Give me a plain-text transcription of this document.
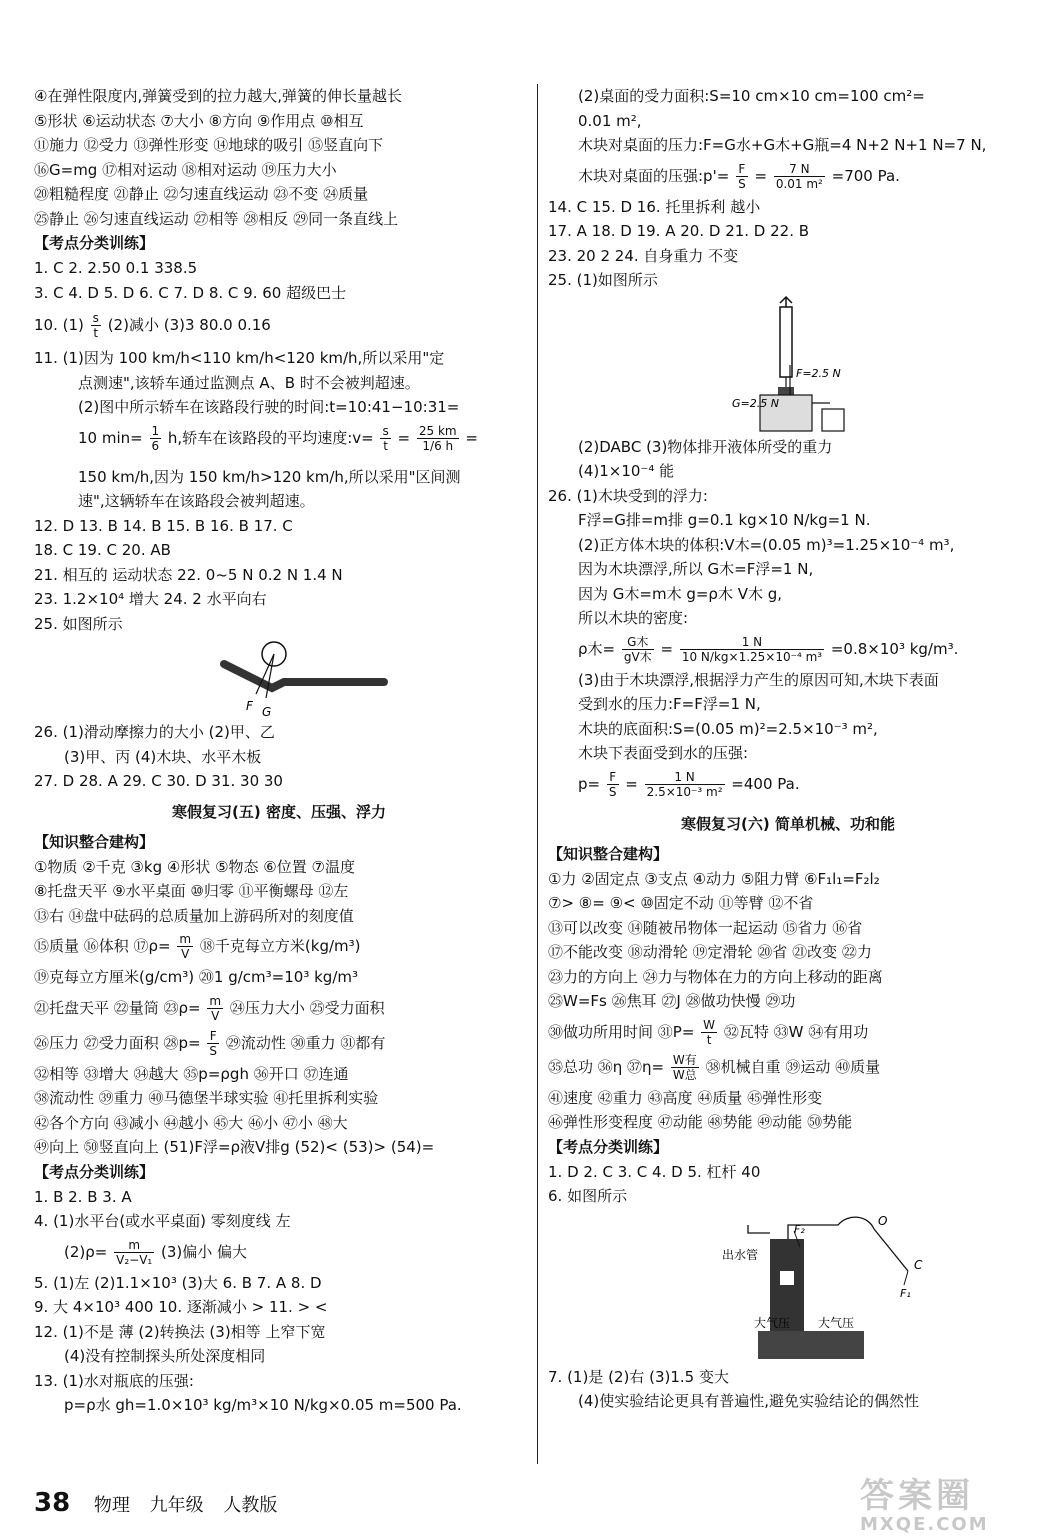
④在弹性限度内,弹簧受到的拉力越大,弹簧的伸长量越长
⑤形状 ⑥运动状态 ⑦大小 ⑧方向 ⑨作用点 ⑩相互
⑪施力 ⑫受力 ⑬弹性形变 ⑭地球的吸引 ⑮竖直向下
⑯G=mg ⑰相对运动 ⑱相对运动 ⑲压力大小
⑳粗糙程度 ㉑静止 ㉒匀速直线运动 ㉓不变 ㉔质量
㉕静止 ㉖匀速直线运动 ㉗相等 ㉘相反 ㉙同一条直线上
【考点分类训练】
1. C 2. 2.50 0.1 338.5
3. C 4. D 5. D 6. C 7. D 8. C 9. 60 超级巴士
10. $(1) \frac{s}{t} (2)$减小 (3)3 80.0 0.16
11. (1)因为 100 km/h<110 km/h<120 km/h,所以采用"定
点测速",该轿车通过监测点 A、B 时不会被判超速。
(2)图中所示轿车在该路段行驶的时间:t=10:41−10:31=
10 $\min= \frac{1}{6} h$,轿车在该路段的平均速度:v= $\frac{s}{t} = \frac{25 km}{1/6 h}$ =
150 km/h,因为 150 km/h>120 km/h,所以采用"区间测
速",这辆轿车在该路段会被判超速。
12. D 13. B 14. B 15. B 16. B 17. C
18. C 19. C 20. AB
21. 相互的 运动状态 22. 0~5 N 0.2 N 1.4 N
23. 1.2×10⁴ 增大 24. 2 水平向右
25. 如图所示
F G
26. (1)滑动摩擦力的大小 (2)甲、乙
(3)甲、丙 (4)木块、水平木板
27. D 28. A 29. C 30. D 31. 30 30
寒假复习(五) 密度、压强、浮力
【知识整合建构】
①物质 ②千克 ③kg ④形状 ⑤物态 ⑥位置 ⑦温度
⑧托盘天平 ⑨水平桌面 ⑩归零 ⑪平衡螺母 ⑫左
⑬右 ⑭盘中砝码的总质量加上游码所对的刻度值
⑮质量 ⑯体积 ⑰ρ= $\frac{m}{V}$ ⑱千克每立方米(kg/m³)
⑲克每立方厘米(g/cm³) ⑳1 g/cm³=10³ kg/m³
㉑托盘天平 ㉒量筒 ㉓ρ= $\frac{m}{V}$ ㉔压力大小 ㉕受力面积
㉖压力 ㉗受力面积 ㉘p= $\frac{F}{S}$ ㉙流动性 ㉚重力 ㉛都有
㉜相等 ㉝增大 ㉞越大 ㉟p=ρgh ㊱开口 ㊲连通
㊳流动性 ㊴重力 ㊵马德堡半球实验 ㊶托里拆利实验
㊷各个方向 ㊸减小 ㊹越小 ㊺大 ㊻小 ㊼小 ㊽大
㊾向上 ㊿竖直向上 (51)F浮=ρ液V排g (52)< (53)> (54)=
【考点分类训练】
1. B 2. B 3. A
4. (1)水平台(或水平桌面) 零刻度线 左
$(2)\rho= \frac{m}{\text{V₂−V₁}} (3)$偏小 偏大
5. (1)左 (2)1.1×10³ (3)大 6. B 7. A 8. D
9. 大 4×10³ 400 10. 逐渐减小 > 11. > <
12. (1)不是 薄 (2)转换法 (3)相等 上窄下宽
(4)没有控制探头所处深度相同
13. (1)水对瓶底的压强:
p=ρ水 gh=1.0×10³ kg/m³×10 N/kg×0.05 m=500 Pa.
(2)桌面的受力面积:S=10 cm×10 cm=100 cm²=
0.01 m²,
木块对桌面的压力:F=G水+G木+G瓶=4 N+2 N+1 N=7 N,
木块对桌面的压强:p'= $\frac{F}{S} = \frac{7 N}{\text{0.01 m²}} =700$ Pa.
14. C 15. D 16. 托里拆利 越小
17. A 18. D 19. A 20. D 21. D 22. B
23. 20 2 24. 自身重力 不变
25. (1)如图所示
F=2.5 N
G=2.5 N
(2)DABC (3)物体排开液体所受的重力
(4)1×10⁻⁴ 能
26. (1)木块受到的浮力:
F浮=G排=m排 g=0.1 kg×10 N/kg=1 N.
(2)正方体木块的体积:V木=(0.05 m)³=1.25×10⁻⁴ m³,
因为木块漂浮,所以 G木=F浮=1 N,
因为 G木=m木 g=ρ木 V木 g,
所以木块的密度:
ρ木= $\frac{\text{G木}}{\text{gV木}} = \frac{1 N}{\text{10 N/kg×1.25×10⁻⁴ m³}} =0.8\times 10^3$ kg/m³.
(3)由于木块漂浮,根据浮力产生的原因可知,木块下表面
受到水的压力:F=F浮=1 N,
木块的底面积:S=(0.05 m)²=2.5×10⁻³ m²,
木块下表面受到水的压强:
$p= \frac{F}{S} = \frac{1 N}{\text{2.5×10⁻³ m²}} =400$ Pa.
寒假复习(六) 简单机械、功和能
【知识整合建构】
①力 ②固定点 ③支点 ④动力 ⑤阻力臂 ⑥F₁l₁=F₂l₂
⑦> ⑧= ⑨< ⑩固定不动 ⑪等臂 ⑫不省
⑬可以改变 ⑭随被吊物体一起运动 ⑮省力 ⑯省
⑰不能改变 ⑱动滑轮 ⑲定滑轮 ⑳省 ㉑改变 ㉒力
㉓力的方向上 ㉔力与物体在力的方向上移动的距离
㉕W=Fs ㉖焦耳 ㉗J ㉘做功快慢 ㉙功
㉚做功所用时间 ㉛P= $\frac{W}{t}$ ㉜瓦特 ㉝W ㉞有用功
㉟总功 ㊱η ㊲η= $\frac{\text{W有}}{\text{W总}}$ ㊳机械自重 ㊴运动 ㊵质量
㊶速度 ㊷重力 ㊸高度 ㊹质量 ㊺弹性形变
㊻弹性形变程度 ㊼动能 ㊽势能 ㊾动能 ㊿势能
【考点分类训练】
1. D 2. C 3. C 4. D 5. 杠杆 40
6. 如图所示
出水管
大气压 大气压
F₂
O
C
F₁
7. (1)是 (2)右 (3)1.5 变大
(4)使实验结论更具有普遍性,避免实验结论的偶然性
38 物理 九年级 人教版	答案圈
MXQE.COM
